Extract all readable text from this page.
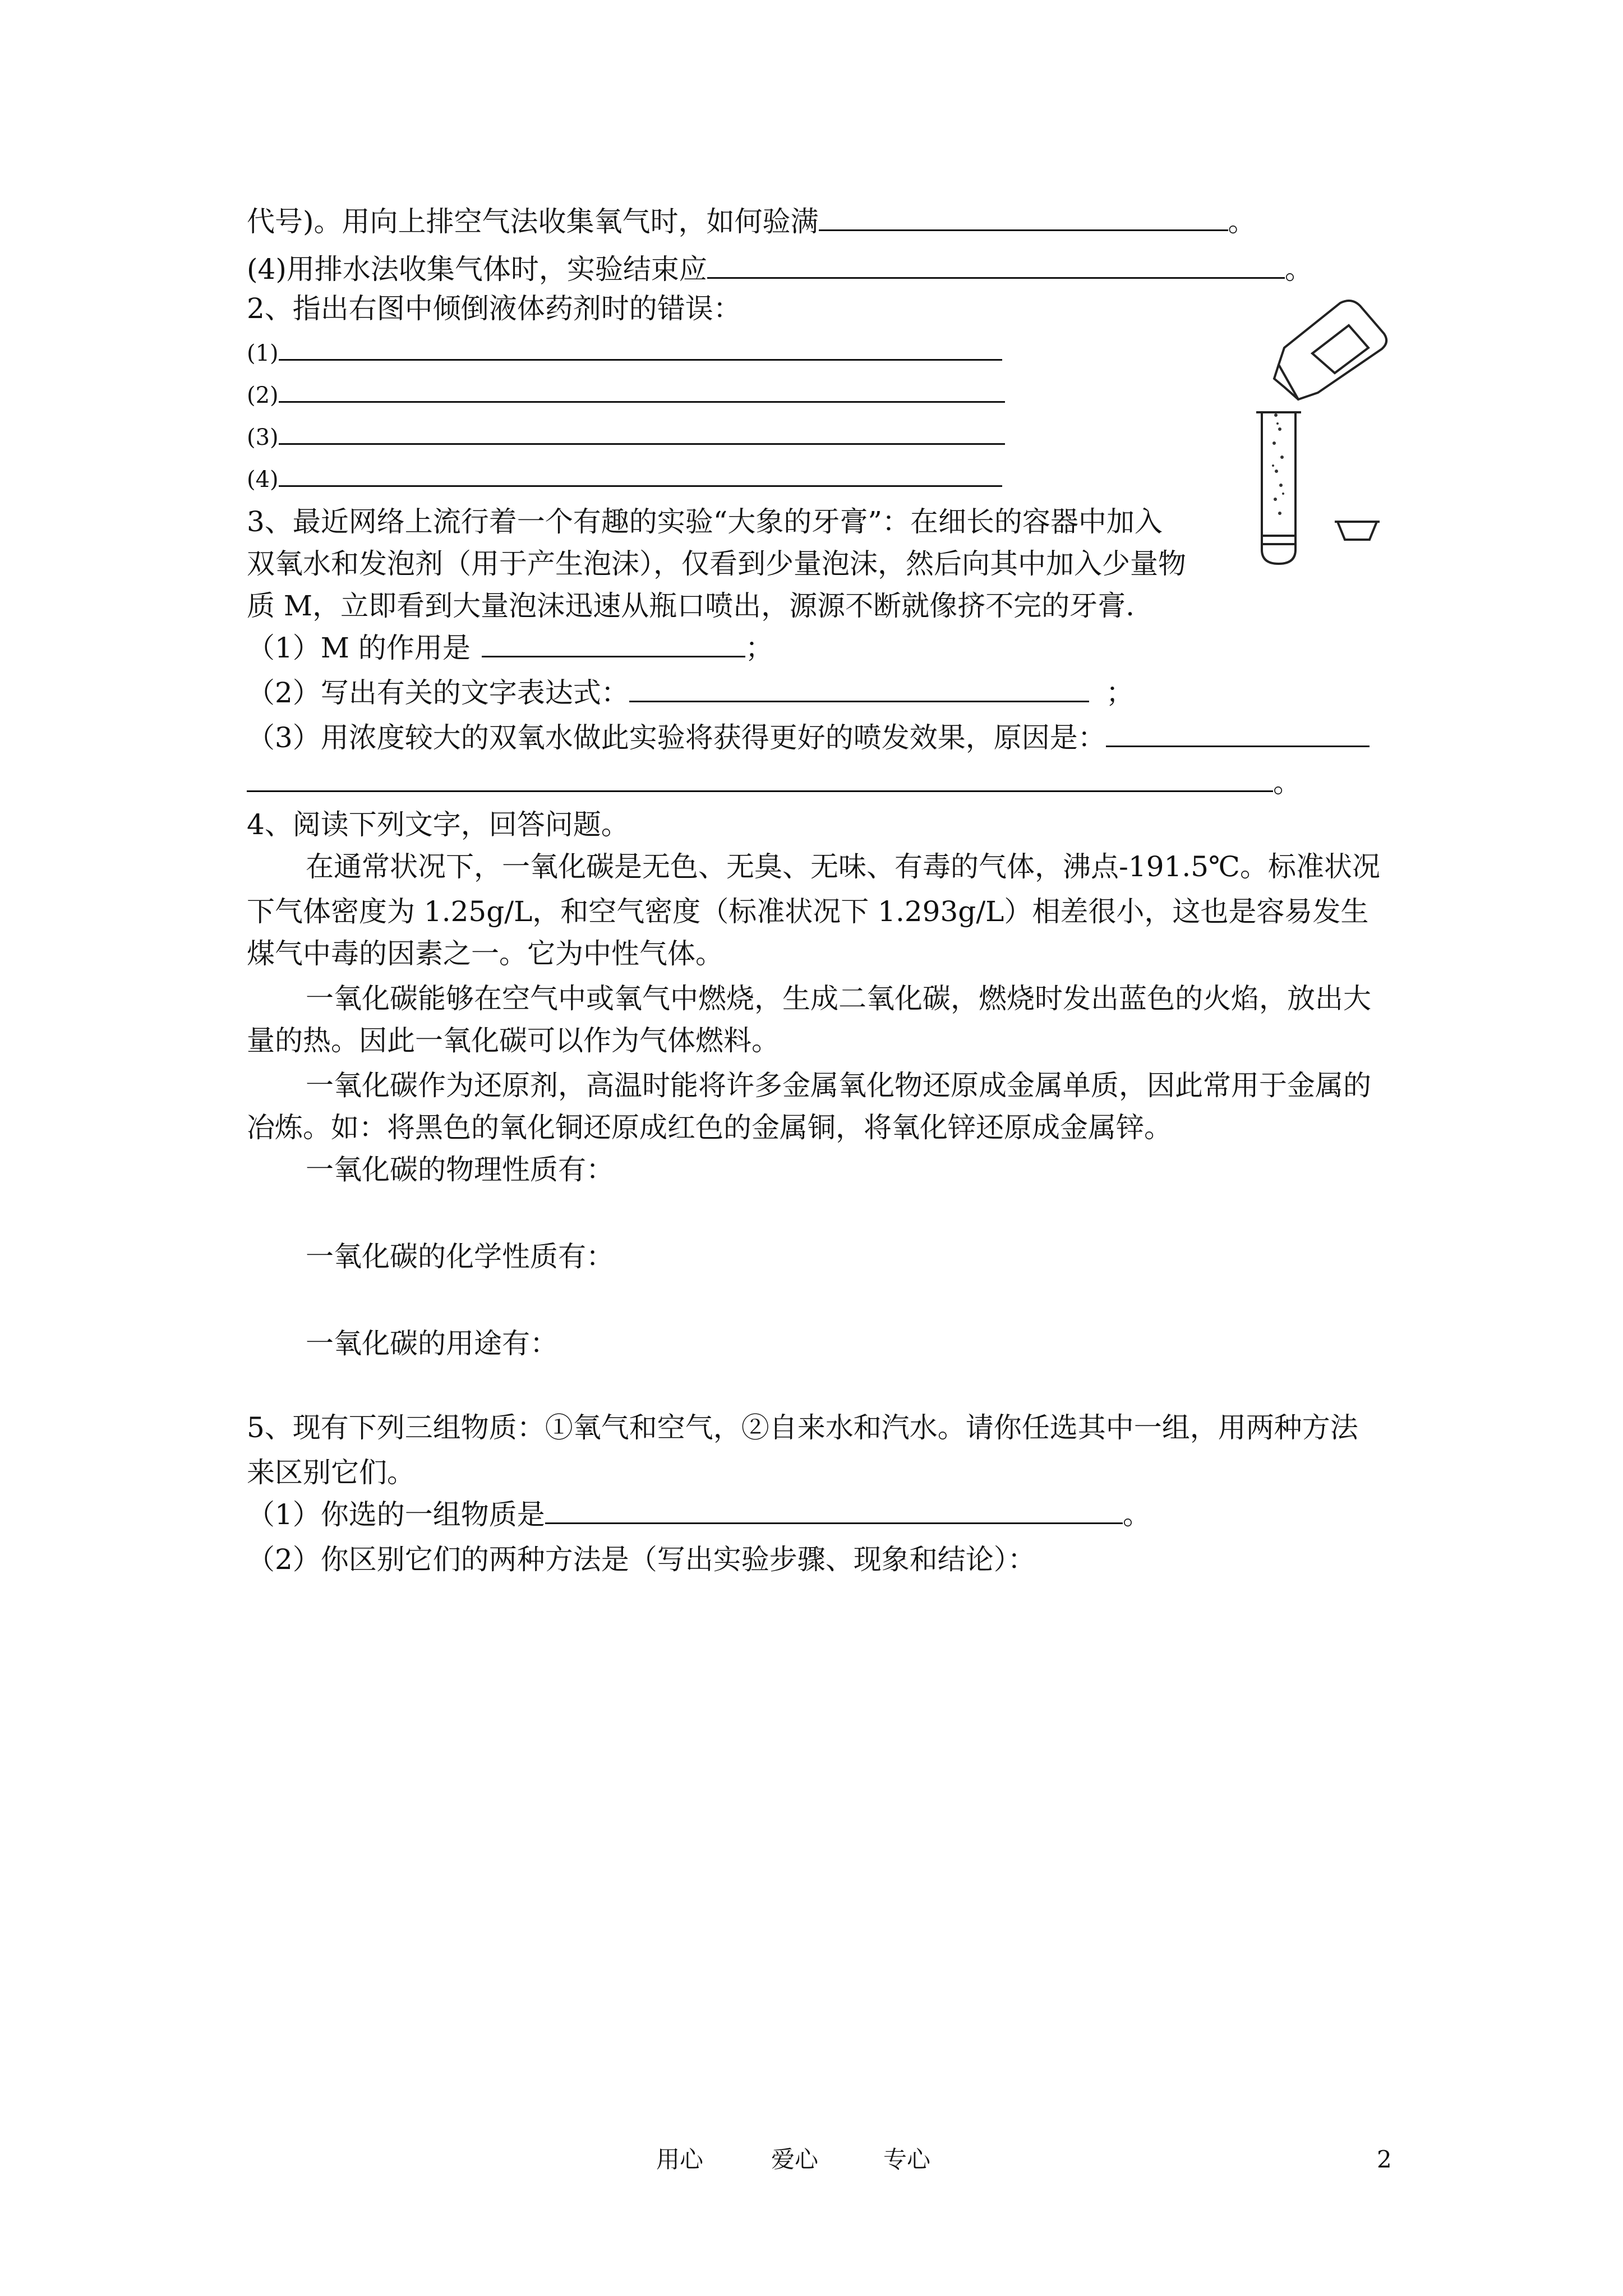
代号)。用向上排空气法收集氧气时，如何验满	。
(4)用排水法收集气体时，实验结束应	。
2、指出右图中倾倒液体药剂时的错误：
(1)
(2)
(3)
(4)
3、最近网络上流行着一个有趣的实验“大象的牙膏”：在细长的容器中加入
双氧水和发泡剂（用于产生泡沫），仅看到少量泡沫，然后向其中加入少量物
质 M，立即看到大量泡沫迅速从瓶口喷出，源源不断就像挤不完的牙膏.
（1）M 的作用是	；
（2）写出有关的文字表达式：	；
（3）用浓度较大的双氧水做此实验将获得更好的喷发效果，原因是：
。
4、阅读下列文字，回答问题。
在通常状况下，一氧化碳是无色、无臭、无味、有毒的气体，沸点-191.5℃。标准状况
下气体密度为 1.25g/L，和空气密度（标准状况下 1.293g/L）相差很小，这也是容易发生
煤气中毒的因素之一。它为中性气体。
一氧化碳能够在空气中或氧气中燃烧，生成二氧化碳，燃烧时发出蓝色的火焰，放出大
量的热。因此一氧化碳可以作为气体燃料。
一氧化碳作为还原剂，高温时能将许多金属氧化物还原成金属单质，因此常用于金属的
冶炼。如：将黑色的氧化铜还原成红色的金属铜，将氧化锌还原成金属锌。
一氧化碳的物理性质有：
一氧化碳的化学性质有：
一氧化碳的用途有：
5、现有下列三组物质：①氧气和空气，②自来水和汽水。请你任选其中一组，用两种方法
来区别它们。
（1）你选的一组物质是	。
（2）你区别它们的两种方法是（写出实验步骤、现象和结论）：
用心	爱心	专心	2
